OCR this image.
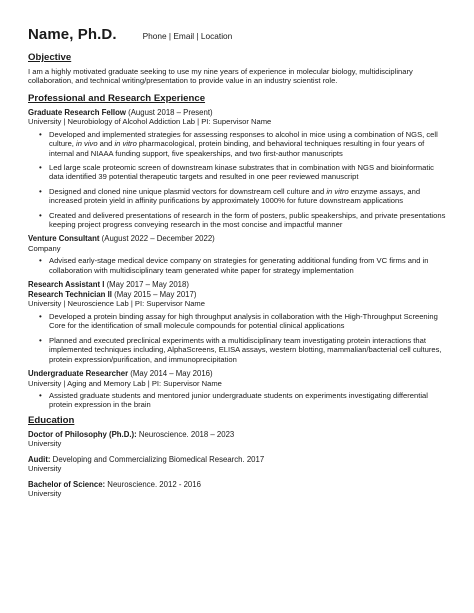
Name, Ph.D.	Phone | Email | Location
Objective
I am a highly motivated graduate seeking to use my nine years of experience in molecular biology, multidisciplinary collaboration, and technical writing/presentation to provide value in an industry scientist role.
Professional and Research Experience
Graduate Research Fellow (August 2018 – Present)
University | Neurobiology of Alcohol Addiction Lab | PI: Supervisor Name
• Developed and implemented strategies for assessing responses to alcohol in mice using a combination of NGS, cell culture, in vivo and in vitro pharmacological, protein binding, and behavioral techniques resulting in four years of internal and NIAAA funding support, five speakerships, and two first-author manuscripts
• Led large scale proteomic screen of downstream kinase substrates that in combination with NGS and bioinformatic data identified 39 potential therapeutic targets and resulted in one peer reviewed manuscript
• Designed and cloned nine unique plasmid vectors for downstream cell culture and in vitro enzyme assays, and increased protein yield in affinity purifications by approximately 1000% for future downstream applications
• Created and delivered presentations of research in the form of posters, public speakerships, and private presentations keeping project progress conveying research in the most concise and impactful manner
Venture Consultant (August 2022 – December 2022)
Company
• Advised early-stage medical device company on strategies for generating additional funding from VC firms and in collaboration with multidisciplinary team generated white paper for strategy implementation
Research Assistant I (May 2017 – May 2018)
Research Technician II (May 2015 – May 2017)
University | Neuroscience Lab | PI: Supervisor Name
• Developed a protein binding assay for high throughput analysis in collaboration with the High-Throughput Screening Core for the identification of small molecule compounds for potential clinical applications
• Planned and executed preclinical experiments with a multidisciplinary team investigating protein interactions that implemented techniques including, AlphaScreens, ELISA assays, western blotting, mammalian/bacterial cell cultures, protein expression/purification, and immunoprecipitation
Undergraduate Researcher (May 2014 – May 2016)
University | Aging and Memory Lab | PI: Supervisor Name
• Assisted graduate students and mentored junior undergraduate students on experiments investigating differential protein expression in the brain
Education
Doctor of Philosophy (Ph.D.): Neuroscience. 2018 – 2023
University
Audit: Developing and Commercializing Biomedical Research. 2017
University
Bachelor of Science: Neuroscience. 2012 - 2016
University
